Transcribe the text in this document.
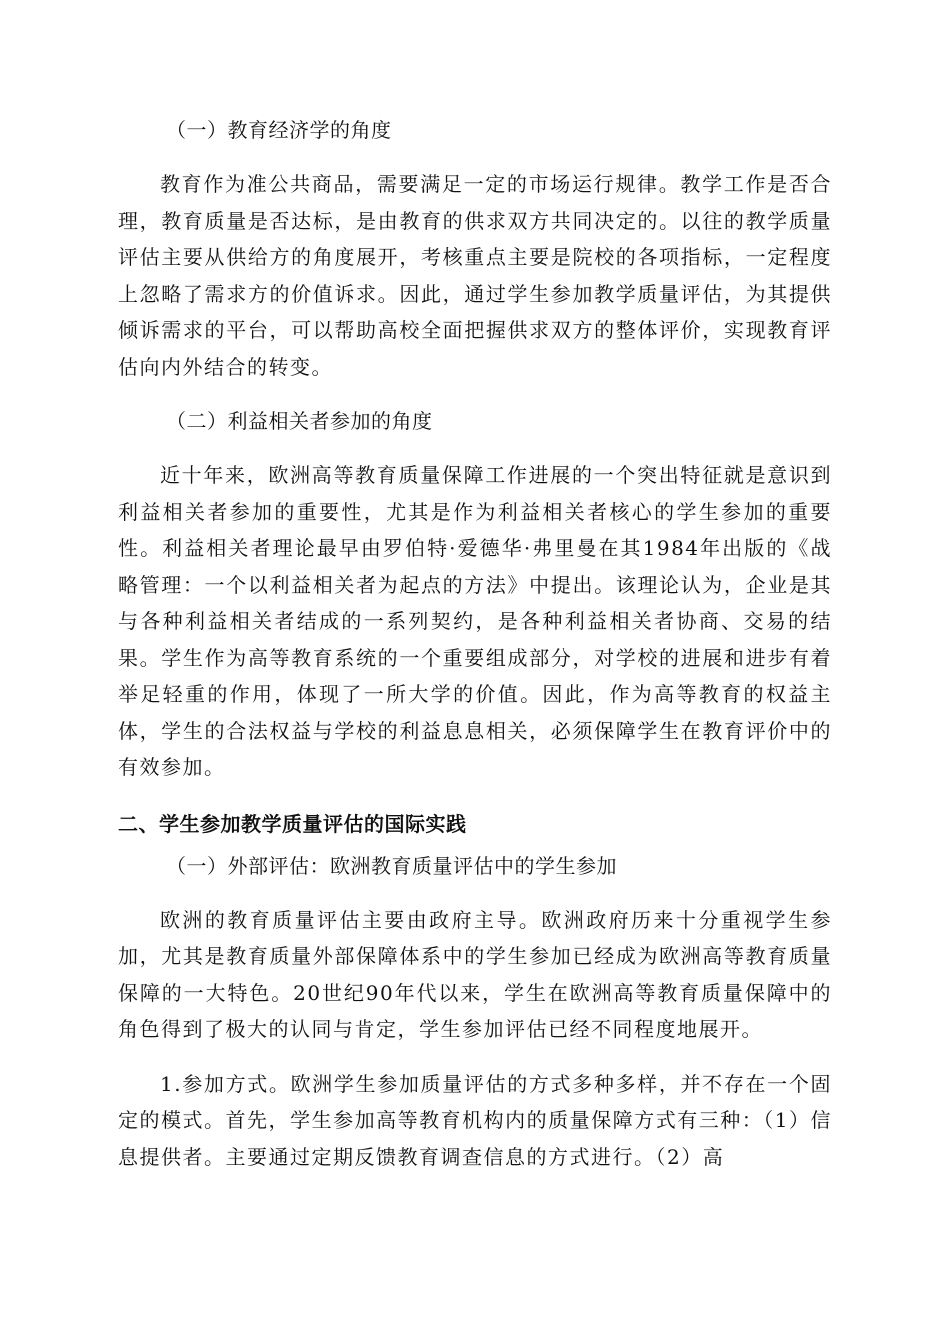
（一）教育经济学的角度

教育作为准公共商品，需要满足一定的市场运行规律。教学工作是否合理，教育质量是否达标，是由教育的供求双方共同决定的。以往的教学质量评估主要从供给方的角度展开，考核重点主要是院校的各项指标，一定程度上忽略了需求方的价值诉求。因此，通过学生参加教学质量评估，为其提供倾诉需求的平台，可以帮助高校全面把握供求双方的整体评价，实现教育评估向内外结合的转变。

（二）利益相关者参加的角度

近十年来，欧洲高等教育质量保障工作进展的一个突出特征就是意识到利益相关者参加的重要性，尤其是作为利益相关者核心的学生参加的重要性。利益相关者理论最早由罗伯特·爱德华·弗里曼在其1984年出版的《战略管理：一个以利益相关者为起点的方法》中提出。该理论认为，企业是其与各种利益相关者结成的一系列契约，是各种利益相关者协商、交易的结果。学生作为高等教育系统的一个重要组成部分，对学校的进展和进步有着举足轻重的作用，体现了一所大学的价值。因此，作为高等教育的权益主体，学生的合法权益与学校的利益息息相关，必须保障学生在教育评价中的有效参加。

二、学生参加教学质量评估的国际实践

（一）外部评估：欧洲教育质量评估中的学生参加

欧洲的教育质量评估主要由政府主导。欧洲政府历来十分重视学生参加，尤其是教育质量外部保障体系中的学生参加已经成为欧洲高等教育质量保障的一大特色。20世纪90年代以来，学生在欧洲高等教育质量保障中的角色得到了极大的认同与肯定，学生参加评估已经不同程度地展开。

1.参加方式。欧洲学生参加质量评估的方式多种多样，并不存在一个固定的模式。首先，学生参加高等教育机构内的质量保障方式有三种：（1）信息提供者。主要通过定期反馈教育调查信息的方式进行。（2）高
